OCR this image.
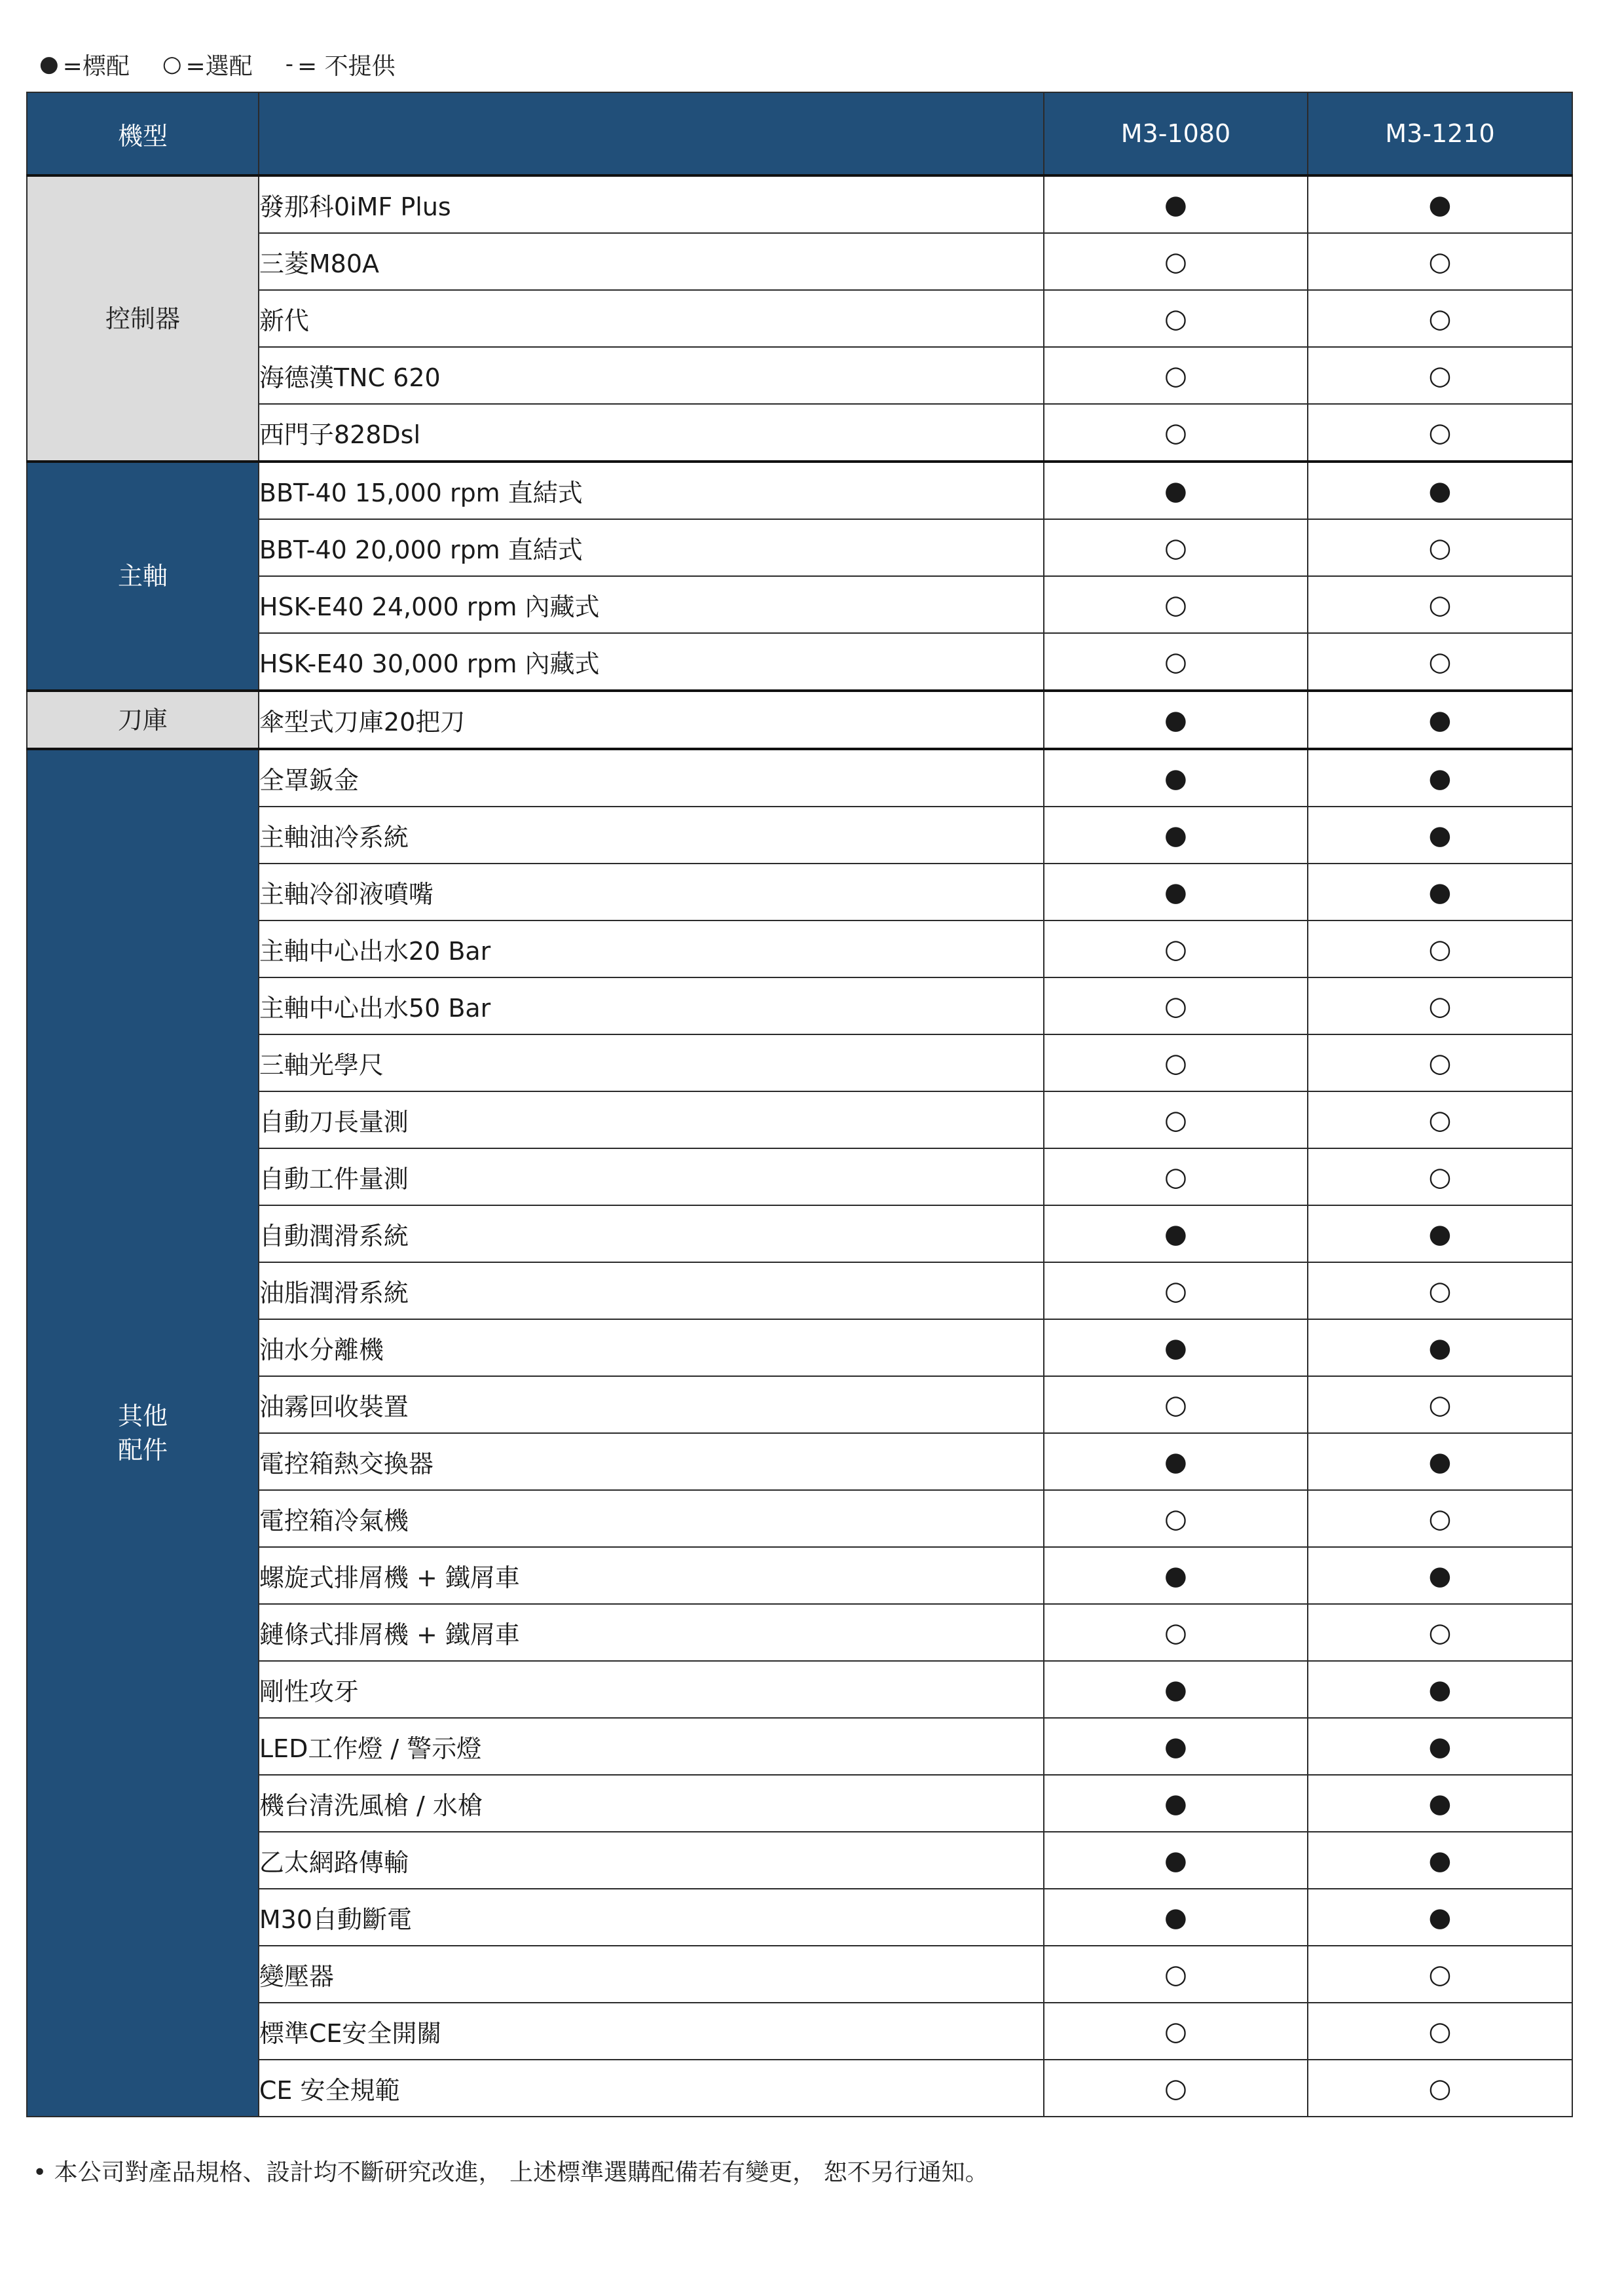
● =標配 ○ =選配 - = 不提供
機型		M3-1080	M3-1210

控制器	發那科0iMF Plus	●	●
	三菱M80A	○	○
	新代	○	○
	海德漢TNC 620	○	○
	西門子828Dsl	○	○

主軸	BBT-40 15,000 rpm 直結式	●	●
	BBT-40 20,000 rpm 直結式	○	○
	HSK-E40 24,000 rpm 內藏式	○	○
	HSK-E40 30,000 rpm 內藏式	○	○

刀庫	傘型式刀庫20把刀	●	●

其他
配件	全罩鈑金	●	●
	主軸油冷系統	●	●
	主軸冷卻液噴嘴	●	●
	主軸中心出水20 Bar	○	○
	主軸中心出水50 Bar	○	○
	三軸光學尺	○	○
	自動刀長量測	○	○
	自動工件量測	○	○
	自動潤滑系統	●	●
	油脂潤滑系統	○	○
	油水分離機	●	●
	油霧回收裝置	○	○
	電控箱熱交換器	●	●
	電控箱冷氣機	○	○
	螺旋式排屑機 + 鐵屑車	●	●
	鏈條式排屑機 + 鐵屑車	○	○
	剛性攻牙	●	●
	LED工作燈 / 警示燈	●	●
	機台清洗風槍 / 水槍	●	●
	乙太網路傳輸	●	●
	M30自動斷電	●	●
	變壓器	○	○
	標準CE安全開關	○	○
	CE 安全規範	○	○
• 本公司對產品規格、設計均不斷研究改進， 上述標準選購配備若有變更， 恕不另行通知。
